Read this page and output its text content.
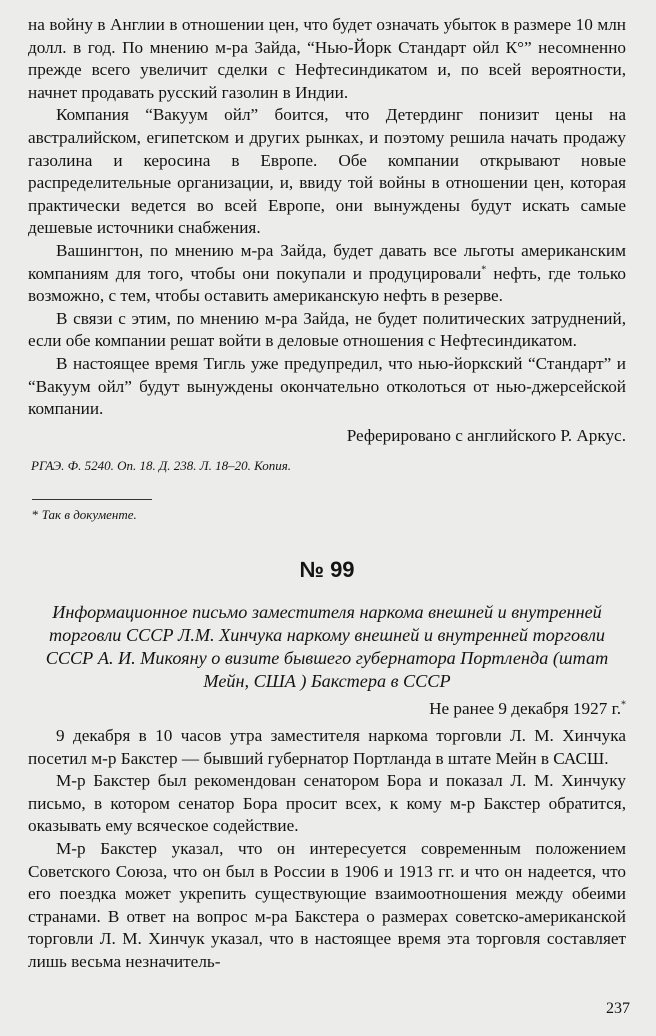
на войну в Англии в отношении цен, что будет означать убыток в размере 10 млн долл. в год. По мнению м-ра Зайда, “Нью-Йорк Стандарт ойл К°” несомненно прежде всего увеличит сделки с Нефтесиндикатом и, по всей вероятности, начнет продавать русский газолин в Индии.

Компания “Вакуум ойл” боится, что Детердинг понизит цены на австралийском, египетском и других рынках, и поэтому решила начать продажу газолина и керосина в Европе. Обе компании открывают новые распределительные организации, и, ввиду той войны в отношении цен, которая практически ведется во всей Европе, они вынуждены будут искать самые дешевые источники снабжения.

Вашингтон, по мнению м-ра Зайда, будет давать все льготы американским компаниям для того, чтобы они покупали и продуцировали* нефть, где только возможно, с тем, чтобы оставить американскую нефть в резерве.

В связи с этим, по мнению м-ра Зайда, не будет политических затруднений, если обе компании решат войти в деловые отношения с Нефтесиндикатом.

В настоящее время Тигль уже предупредил, что нью-йоркский “Стандарт” и “Вакуум ойл” будут вынуждены окончательно отколоться от нью-джерсейской компании.

Реферировано с английского Р. Аркус.

РГАЭ. Ф. 5240. Оп. 18. Д. 238. Л. 18–20. Копия.

* Так в документе.

№ 99
Информационное письмо заместителя наркома внешней и внутренней торговли СССР Л.М. Хинчука наркому внешней и внутренней торговли СССР А. И. Микояну о визите бывшего губернатора Портленда (штат Мейн, США ) Бакстера в СССР
Не ранее 9 декабря 1927 г.*

9 декабря в 10 часов утра заместителя наркома торговли Л. М. Хинчука посетил м-р Бакстер — бывший губернатор Портланда в штате Мейн в САСШ.

М-р Бакстер был рекомендован сенатором Бора и показал Л. М. Хинчуку письмо, в котором сенатор Бора просит всех, к кому м-р Бакстер обратится, оказывать ему всяческое содействие.

М-р Бакстер указал, что он интересуется современным положением Советского Союза, что он был в России в 1906 и 1913 гг. и что он надеется, что его поездка может укрепить существующие взаимоотношения между обеими странами. В ответ на вопрос м-ра Бакстера о размерах советско-американской торговли Л. М. Хинчук указал, что в настоящее время эта торговля составляет лишь весьма незначитель-

237
